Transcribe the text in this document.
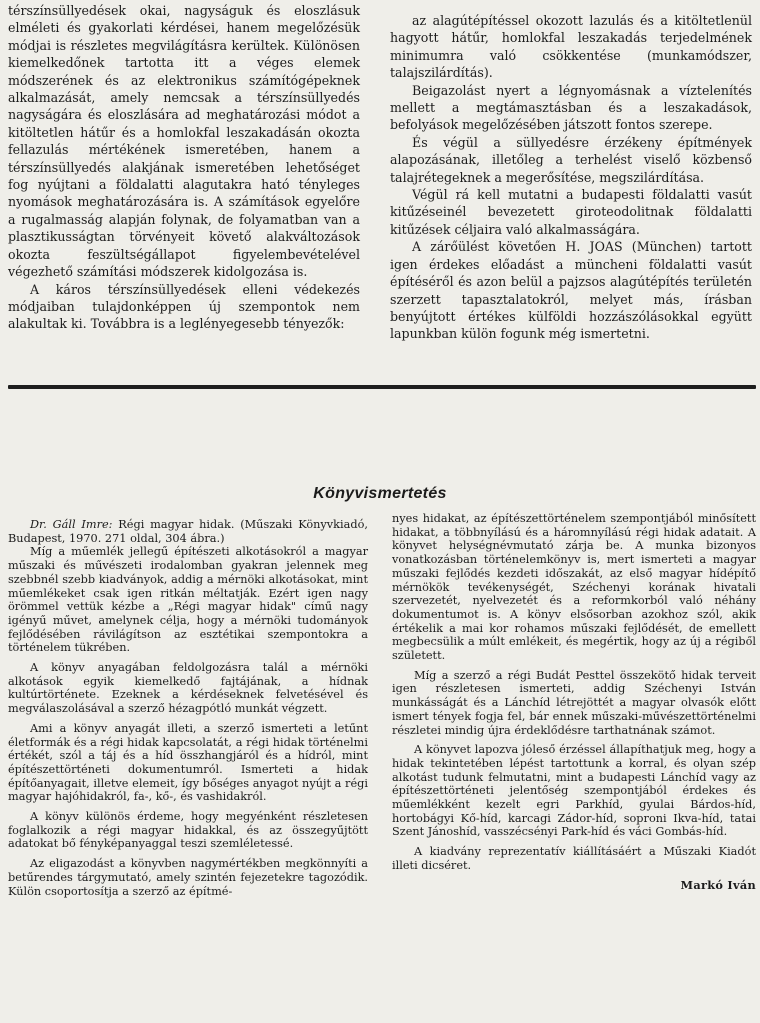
térszínsüllyedések okai, nagyságuk és eloszlásuk elméleti és gyakorlati kérdései, hanem megelőzésük módjai is részletes megvilágításra kerültek. Különösen kiemelkedőnek tartotta itt a véges elemek módszerének és az elektronikus számítógépeknek alkalmazását, amely nemcsak a térszínsüllyedés nagyságára és eloszlására ad meghatározási módot a kitöltetlen hátűr és a homlokfal leszakadásán okozta fellazulás mértékének ismeretében, hanem a térszínsüllyedés alakjának ismeretében lehetőséget fog nyújtani a földalatti alagutakra ható tényleges nyomások meghatározására is. A számítások egyelőre a rugalmasság alapján folynak, de folyamatban van a plasztikusságtan törvényeit követő alakváltozások okozta feszültségállapot figyelembevételével végezhető számítási módszerek kidolgozása is.

A káros térszínsüllyedések elleni védekezés módjaiban tulajdonképpen új szempontok nem alakultak ki. Továbbra is a leglényegesebb tényezők:

az alagútépítéssel okozott lazulás és a kitöltetlenül hagyott hátűr, homlokfal leszakadás terjedelmének minimumra való csökkentése (munkamódszer, talajszilárdítás).

Beigazolást nyert a légnyomásnak a víztelenítés mellett a megtámasztásban és a leszakadások, befolyások megelőzésében játszott fontos szerepe.

És végül a süllyedésre érzékeny építmények alapozásának, illetőleg a terhelést viselő közbenső talajrétegeknek a megerősítése, megszilárdítása.

Végül rá kell mutatni a budapesti földalatti vasút kitűzéseinél bevezetett giroteodolitnak földalatti kitűzések céljaira való alkalmasságára.

A zárőülést követően H. JOAS (München) tartott igen érdekes előadást a müncheni földalatti vasút építéséről és azon belül a pajzsos alagútépítés területén szerzett tapasztalatokról, melyet más, írásban benyújtott értékes külföldi hozzászólásokkal együtt lapunkban külön fogunk még ismertetni.

Könyvismertetés

Dr. Gáll Imre: Régi magyar hidak. (Műszaki Könyvkiadó, Budapest, 1970. 271 oldal, 304 ábra.)

Míg a műemlék jellegű építészeti alkotásokról a magyar műszaki és művészeti irodalomban gyakran jelennek meg szebbnél szebb kiadványok, addig a mérnöki alkotásokat, mint műemlékeket csak igen ritkán méltatják. Ezért igen nagy örömmel vettük kézbe a „Régi magyar hidak" című nagy igényű művet, amelynek célja, hogy a mérnöki tudományok fejlődésében rávilágítson az esztétikai szempontokra a történelem tükrében.

A könyv anyagában feldolgozásra talál a mérnöki alkotások egyik kiemelkedő fajtájának, a hídnak kultúrtörténete. Ezeknek a kérdéseknek felvetésével és megválaszolásával a szerző hézagpótló munkát végzett.

Ami a könyv anyagát illeti, a szerző ismerteti a letűnt életformák és a régi hidak kapcsolatát, a régi hidak történelmi értékét, szól a táj és a híd összhangjáról és a hídról, mint építészettörténeti dokumentumról. Ismerteti a hidak építőanyagait, illetve elemeit, így bőséges anyagot nyújt a régi magyar hajóhidakról, fa-, kő-, és vashidakról.

A könyv különös érdeme, hogy megyénként részletesen foglalkozik a régi magyar hidakkal, és az összegyűjtött adatokat bő fényképanyaggal teszi szemléletessé.

Az eligazodást a könyvben nagymértékben megkönnyíti a betűrendes tárgymutató, amely szintén fejezetekre tagozódik. Külön csoportosítja a szerző az építmé-

nyes hidakat, az építészettörténelem szempontjából minősített hidakat, a többnyílású és a háromnyílású régi hidak adatait. A könyvet helységnévmutató zárja be. A munka bizonyos vonatkozásban történelemkönyv is, mert ismerteti a magyar műszaki fejlődés kezdeti időszakát, az első magyar hídépítő mérnökök tevékenységét, Széchenyi korának hivatali szervezetét, nyelvezetét és a reformkorból való néhány dokumentumot is. A könyv elsősorban azokhoz szól, akik értékelik a mai kor rohamos műszaki fejlődését, de emellett megbecsülik a múlt emlékeit, és megértik, hogy az új a régiből született.

Míg a szerző a régi Budát Pesttel összekötő hidak terveit igen részletesen ismerteti, addig Széchenyi István munkásságát és a Lánchíd létrejöttét a magyar olvasók előtt ismert tények fogja fel, bár ennek műszaki-művészettörténelmi részletei mindig újra érdeklődésre tarthatnának számot.

A könyvet lapozva jóleső érzéssel állapíthatjuk meg, hogy a hidak tekintetében lépést tartottunk a korral, és olyan szép alkotást tudunk felmutatni, mint a budapesti Lánchíd vagy az építészettörténeti jelentőség szempontjából érdekes és műemlékként kezelt egri Parkhíd, gyulai Bárdos-híd, hortobágyi Kő-híd, karcagi Zádor-híd, soproni Ikva-híd, tatai Szent Jánoshíd, vasszécsényi Park-híd és váci Gombás-híd.

A kiadvány reprezentatív kiállításáért a Műszaki Kiadót illeti dicséret.

Markó Iván
